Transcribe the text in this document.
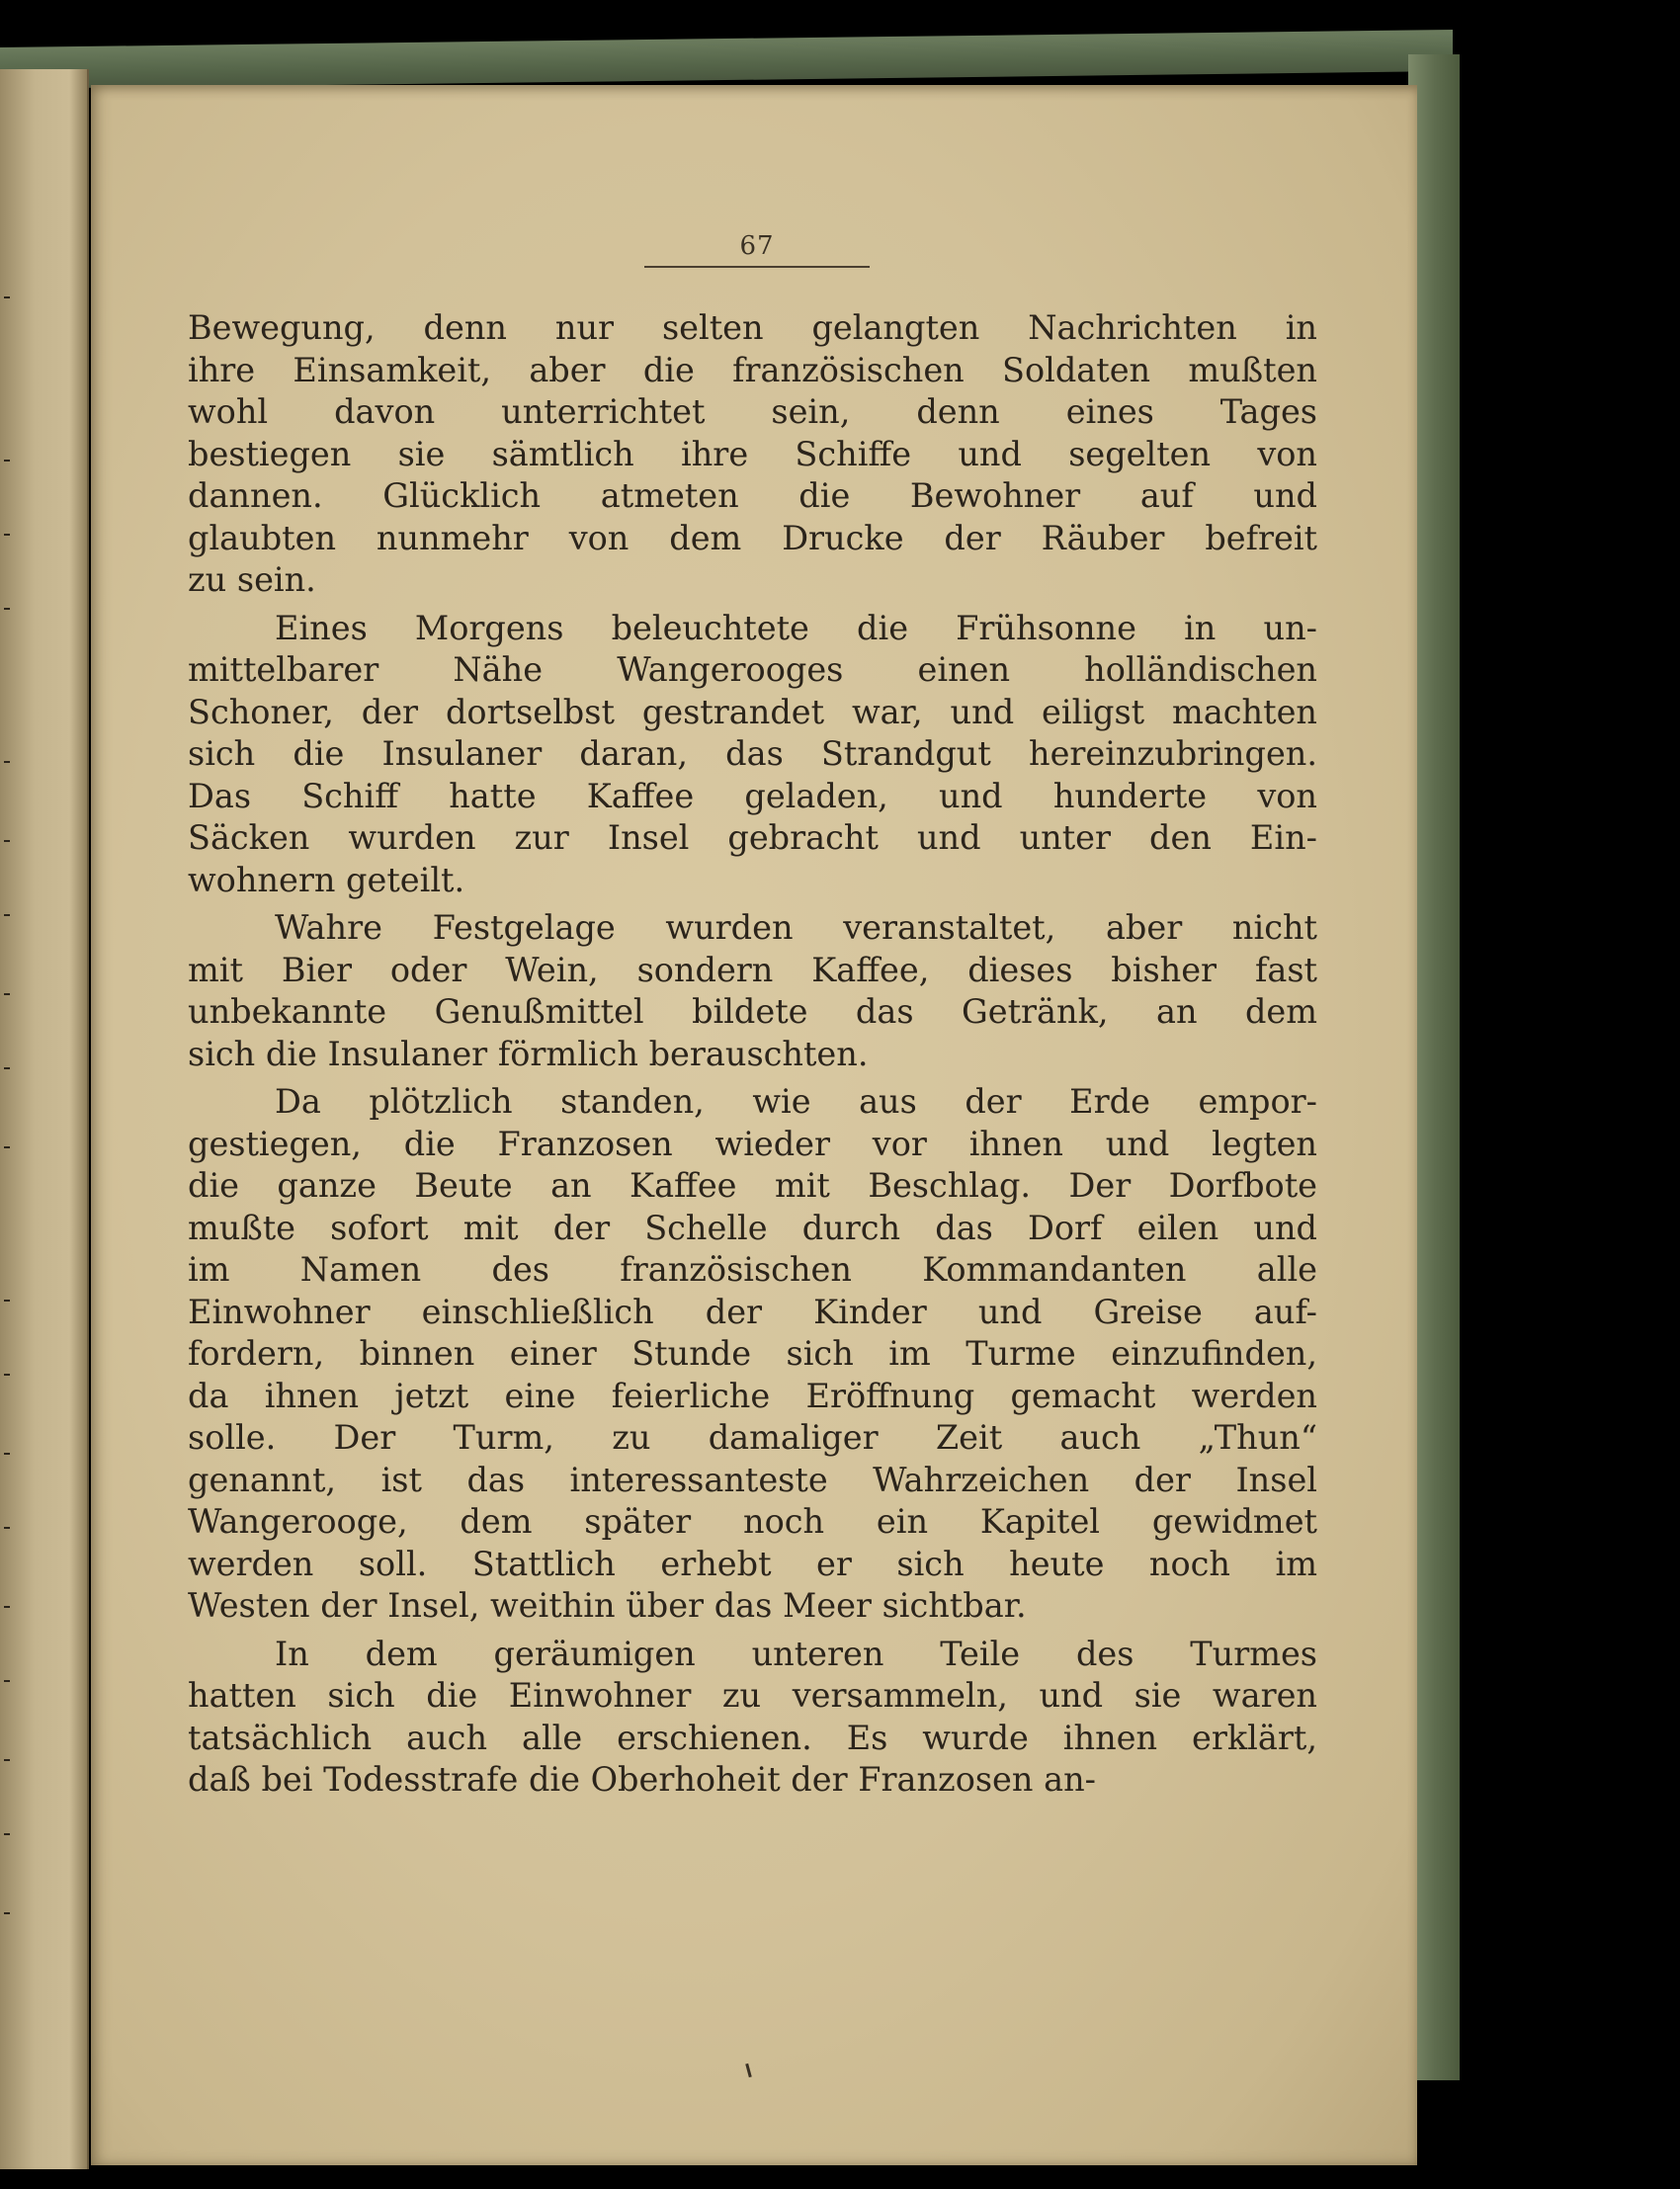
67
Bewegung, denn nur selten gelangten Nachrichten in
ihre Einsamkeit, aber die französischen Soldaten mußten
wohl davon unterrichtet sein, denn eines Tages
bestiegen sie sämtlich ihre Schiffe und segelten von
dannen. Glücklich atmeten die Bewohner auf und
glaubten nunmehr von dem Drucke der Räuber befreit
zu sein.
Eines Morgens beleuchtete die Frühsonne in un-
mittelbarer Nähe Wangerooges einen holländischen
Schoner, der dortselbst gestrandet war, und eiligst machten
sich die Insulaner daran, das Strandgut hereinzubringen.
Das Schiff hatte Kaffee geladen, und hunderte von
Säcken wurden zur Insel gebracht und unter den Ein-
wohnern geteilt.
Wahre Festgelage wurden veranstaltet, aber nicht
mit Bier oder Wein, sondern Kaffee, dieses bisher fast
unbekannte Genußmittel bildete das Getränk, an dem
sich die Insulaner förmlich berauschten.
Da plötzlich standen, wie aus der Erde empor-
gestiegen, die Franzosen wieder vor ihnen und legten
die ganze Beute an Kaffee mit Beschlag. Der Dorfbote
mußte sofort mit der Schelle durch das Dorf eilen und
im Namen des französischen Kommandanten alle
Einwohner einschließlich der Kinder und Greise auf-
fordern, binnen einer Stunde sich im Turme einzufinden,
da ihnen jetzt eine feierliche Eröffnung gemacht werden
solle. Der Turm, zu damaliger Zeit auch „Thun“
genannt, ist das interessanteste Wahrzeichen der Insel
Wangerooge, dem später noch ein Kapitel gewidmet
werden soll. Stattlich erhebt er sich heute noch im
Westen der Insel, weithin über das Meer sichtbar.
In dem geräumigen unteren Teile des Turmes
hatten sich die Einwohner zu versammeln, und sie waren
tatsächlich auch alle erschienen. Es wurde ihnen erklärt,
daß bei Todesstrafe die Oberhoheit der Franzosen an-
